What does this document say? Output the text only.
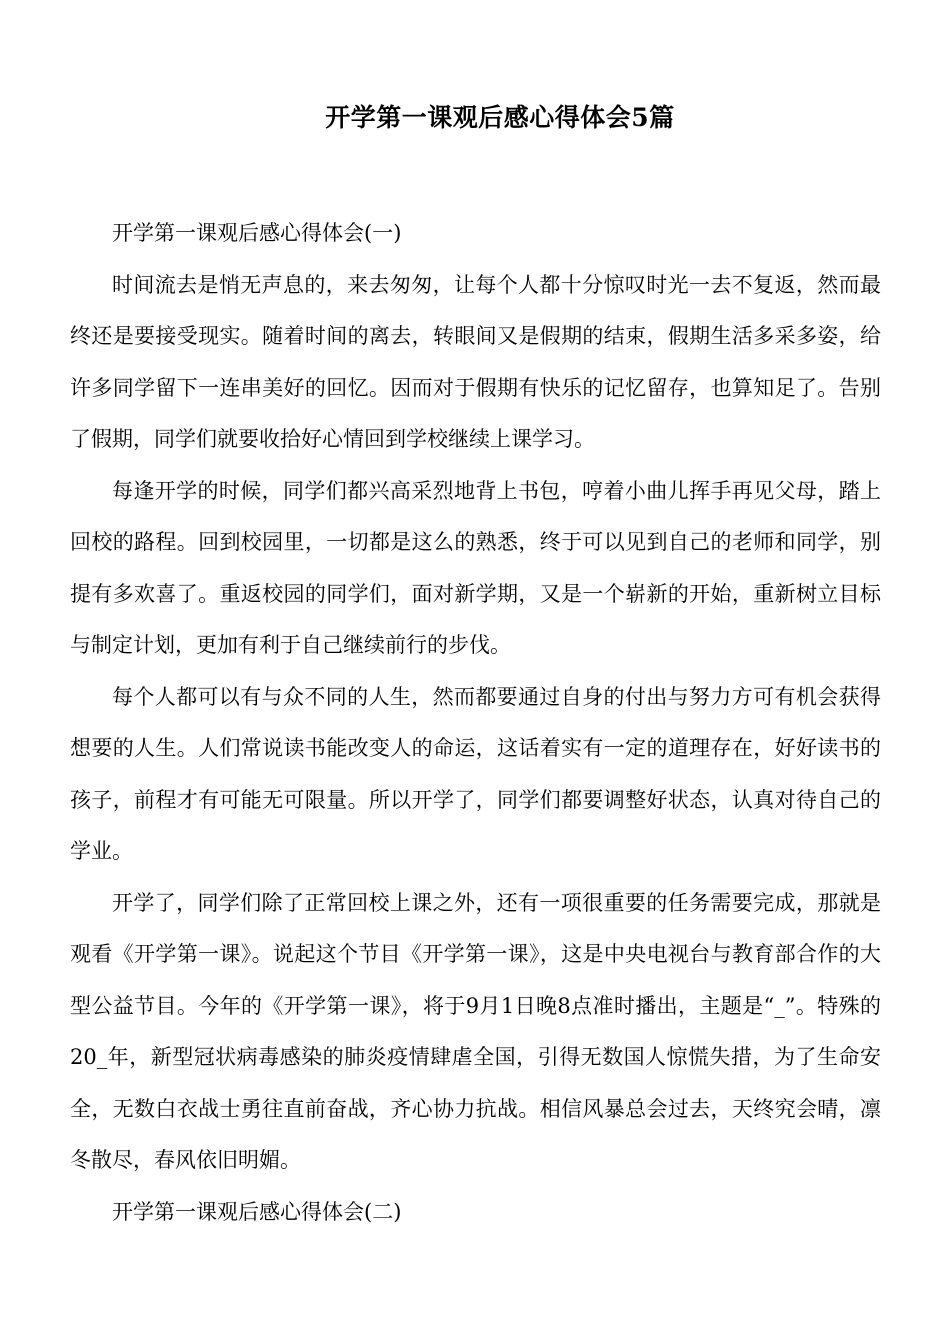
开学第一课观后感心得体会5篇

开学第一课观后感心得体会(一)

时间流去是悄无声息的，来去匆匆，让每个人都十分惊叹时光一去不复返，然而最终还是要接受现实。随着时间的离去，转眼间又是假期的结束，假期生活多采多姿，给许多同学留下一连串美好的回忆。因而对于假期有快乐的记忆留存，也算知足了。告别了假期，同学们就要收拾好心情回到学校继续上课学习。

每逢开学的时候，同学们都兴高采烈地背上书包，哼着小曲儿挥手再见父母，踏上回校的路程。回到校园里，一切都是这么的熟悉，终于可以见到自己的老师和同学，别提有多欢喜了。重返校园的同学们，面对新学期，又是一个崭新的开始，重新树立目标与制定计划，更加有利于自己继续前行的步伐。

每个人都可以有与众不同的人生，然而都要通过自身的付出与努力方可有机会获得想要的人生。人们常说读书能改变人的命运，这话着实有一定的道理存在，好好读书的孩子，前程才有可能无可限量。所以开学了，同学们都要调整好状态，认真对待自己的学业。

开学了，同学们除了正常回校上课之外，还有一项很重要的任务需要完成，那就是观看《开学第一课》。说起这个节目《开学第一课》，这是中央电视台与教育部合作的大型公益节目。今年的《开学第一课》，将于9月1日晚8点准时播出，主题是“_”。特殊的20_年，新型冠状病毒感染的肺炎疫情肆虐全国，引得无数国人惊慌失措，为了生命安全，无数白衣战士勇往直前奋战，齐心协力抗战。相信风暴总会过去，天终究会晴，凛冬散尽，春风依旧明媚。

开学第一课观后感心得体会(二)
